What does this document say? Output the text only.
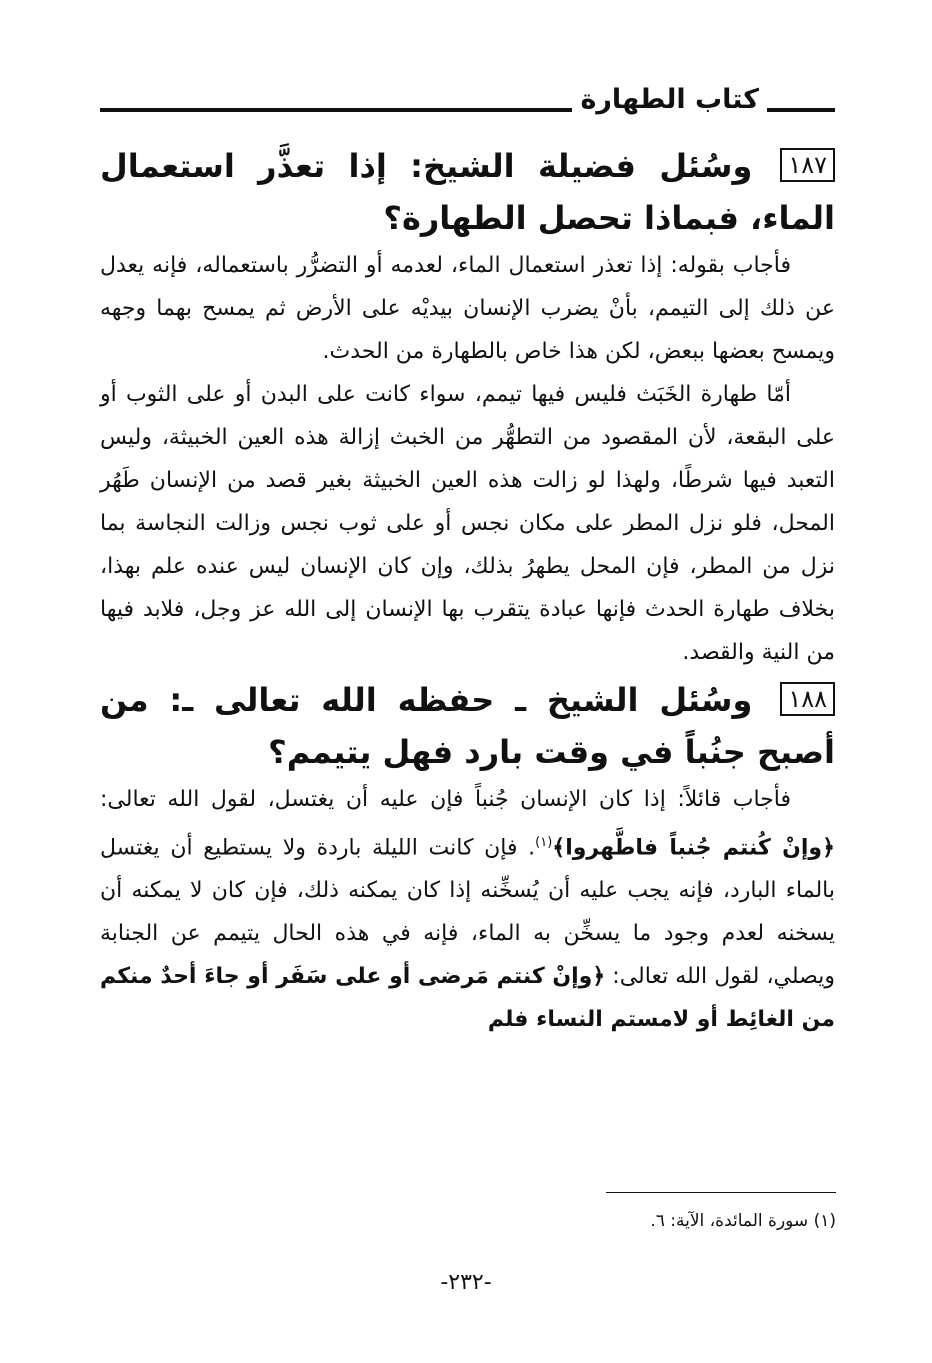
كتاب الطهارة

١٨٧وسُئل فضيلة الشيخ: إذا تعذَّر استعمال الماء، فبماذا تحصل الطهارة؟

فأجاب بقوله: إذا تعذر استعمال الماء، لعدمه أو التضرُّر باستعماله، فإنه يعدل عن ذلك إلى التيمم، بأنْ يضرب الإنسان بيديْه على الأرض ثم يمسح بهما وجهه ويمسح بعضها ببعض، لكن هذا خاص بالطهارة من الحدث.

أمّا طهارة الخَبَث فليس فيها تيمم، سواء كانت على البدن أو على الثوب أو على البقعة، لأن المقصود من التطهُّر من الخبث إزالة هذه العين الخبيثة، وليس التعبد فيها شرطًا، ولهذا لو زالت هذه العين الخبيثة بغير قصد من الإنسان طَهُر المحل، فلو نزل المطر على مكان نجس أو على ثوب نجس وزالت النجاسة بما نزل من المطر، فإن المحل يطهرُ بذلك، وإن كان الإنسان ليس عنده علم بهذا، بخلاف طهارة الحدث فإنها عبادة يتقرب بها الإنسان إلى الله عز وجل، فلابد فيها من النية والقصد.

١٨٨وسُئل الشيخ ـ حفظه الله تعالى ـ: من أصبح جنُباً في وقت بارد فهل يتيمم؟

فأجاب قائلاً: إذا كان الإنسان جُنباً فإن عليه أن يغتسل، لقول الله تعالى: ﴿وإنْ كُنتم جُنباً فاطَّهروا﴾$^{(١)}$. فإن كانت الليلة باردة ولا يستطيع أن يغتسل بالماء البارد، فإنه يجب عليه أن يُسخِّنه إذا كان يمكنه ذلك، فإن كان لا يمكنه أن يسخنه لعدم وجود ما يسخِّن به الماء، فإنه في هذه الحال يتيمم عن الجنابة ويصلي، لقول الله تعالى: ﴿وإنْ كنتم مَرضى أو على سَفَر أو جاءَ أحدٌ منكم من الغائِط أو لامستم النساء فلم

(١) سورة المائدة، الآية: ٦.
-٢٣٢-
